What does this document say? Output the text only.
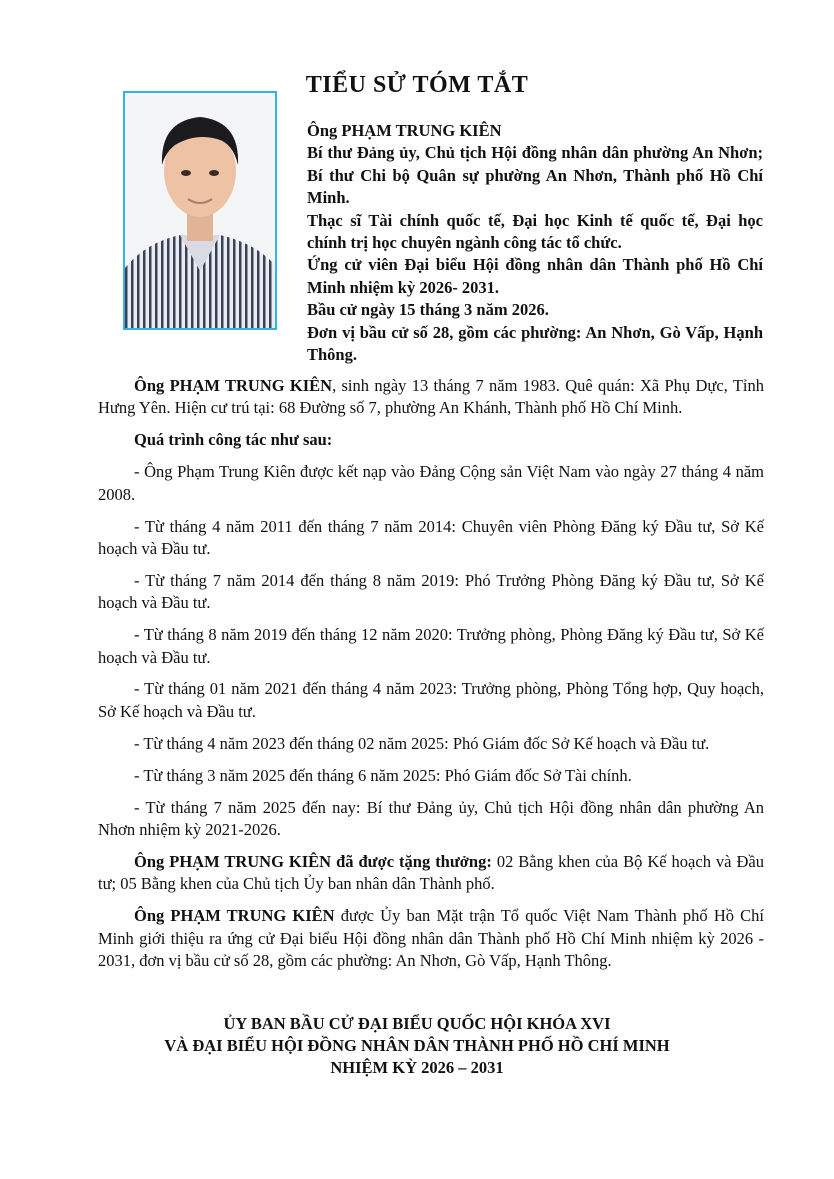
TIỂU SỬ TÓM TẮT

Ông PHẠM TRUNG KIÊN

Bí thư Đảng ủy, Chủ tịch Hội đồng nhân dân phường An Nhơn; Bí thư Chi bộ Quân sự phường An Nhơn, Thành phố Hồ Chí Minh.

Thạc sĩ Tài chính quốc tế, Đại học Kinh tế quốc tế, Đại học chính trị học chuyên ngành công tác tổ chức.

Ứng cử viên Đại biểu Hội đồng nhân dân Thành phố Hồ Chí Minh nhiệm kỳ 2026- 2031.

Bầu cử ngày 15 tháng 3 năm 2026.

Đơn vị bầu cử số 28, gồm các phường: An Nhơn, Gò Vấp, Hạnh Thông.

Ông PHẠM TRUNG KIÊN, sinh ngày 13 tháng 7 năm 1983. Quê quán: Xã Phụ Dực, Tỉnh Hưng Yên. Hiện cư trú tại: 68 Đường số 7, phường An Khánh, Thành phố Hồ Chí Minh.

Quá trình công tác như sau:

- Ông Phạm Trung Kiên được kết nạp vào Đảng Cộng sản Việt Nam vào ngày 27 tháng 4 năm 2008.

- Từ tháng 4 năm 2011 đến tháng 7 năm 2014: Chuyên viên Phòng Đăng ký Đầu tư, Sở Kế hoạch và Đầu tư.

- Từ tháng 7 năm 2014 đến tháng 8 năm 2019: Phó Trưởng Phòng Đăng ký Đầu tư, Sở Kế hoạch và Đầu tư.

- Từ tháng 8 năm 2019 đến tháng 12 năm 2020: Trưởng phòng, Phòng Đăng ký Đầu tư, Sở Kế hoạch và Đầu tư.

- Từ tháng 01 năm 2021 đến tháng 4 năm 2023: Trưởng phòng, Phòng Tổng hợp, Quy hoạch, Sở Kế hoạch và Đầu tư.

- Từ tháng 4 năm 2023 đến tháng 02 năm 2025: Phó Giám đốc Sở Kế hoạch và Đầu tư.

- Từ tháng 3 năm 2025 đến tháng 6 năm 2025: Phó Giám đốc Sở Tài chính.

- Từ tháng 7 năm 2025 đến nay: Bí thư Đảng ủy, Chủ tịch Hội đồng nhân dân phường An Nhơn nhiệm kỳ 2021-2026.

Ông PHẠM TRUNG KIÊN đã được tặng thưởng: 02 Bằng khen của Bộ Kế hoạch và Đầu tư; 05 Bằng khen của Chủ tịch Ủy ban nhân dân Thành phố.

Ông PHẠM TRUNG KIÊN được Ủy ban Mặt trận Tổ quốc Việt Nam Thành phố Hồ Chí Minh giới thiệu ra ứng cử Đại biểu Hội đồng nhân dân Thành phố Hồ Chí Minh nhiệm kỳ 2026 - 2031, đơn vị bầu cử số 28, gồm các phường: An Nhơn, Gò Vấp, Hạnh Thông.

ỦY BAN BẦU CỬ ĐẠI BIỂU QUỐC HỘI KHÓA XVI
VÀ ĐẠI BIỂU HỘI ĐỒNG NHÂN DÂN THÀNH PHỐ HỒ CHÍ MINH
NHIỆM KỲ 2026 – 2031
